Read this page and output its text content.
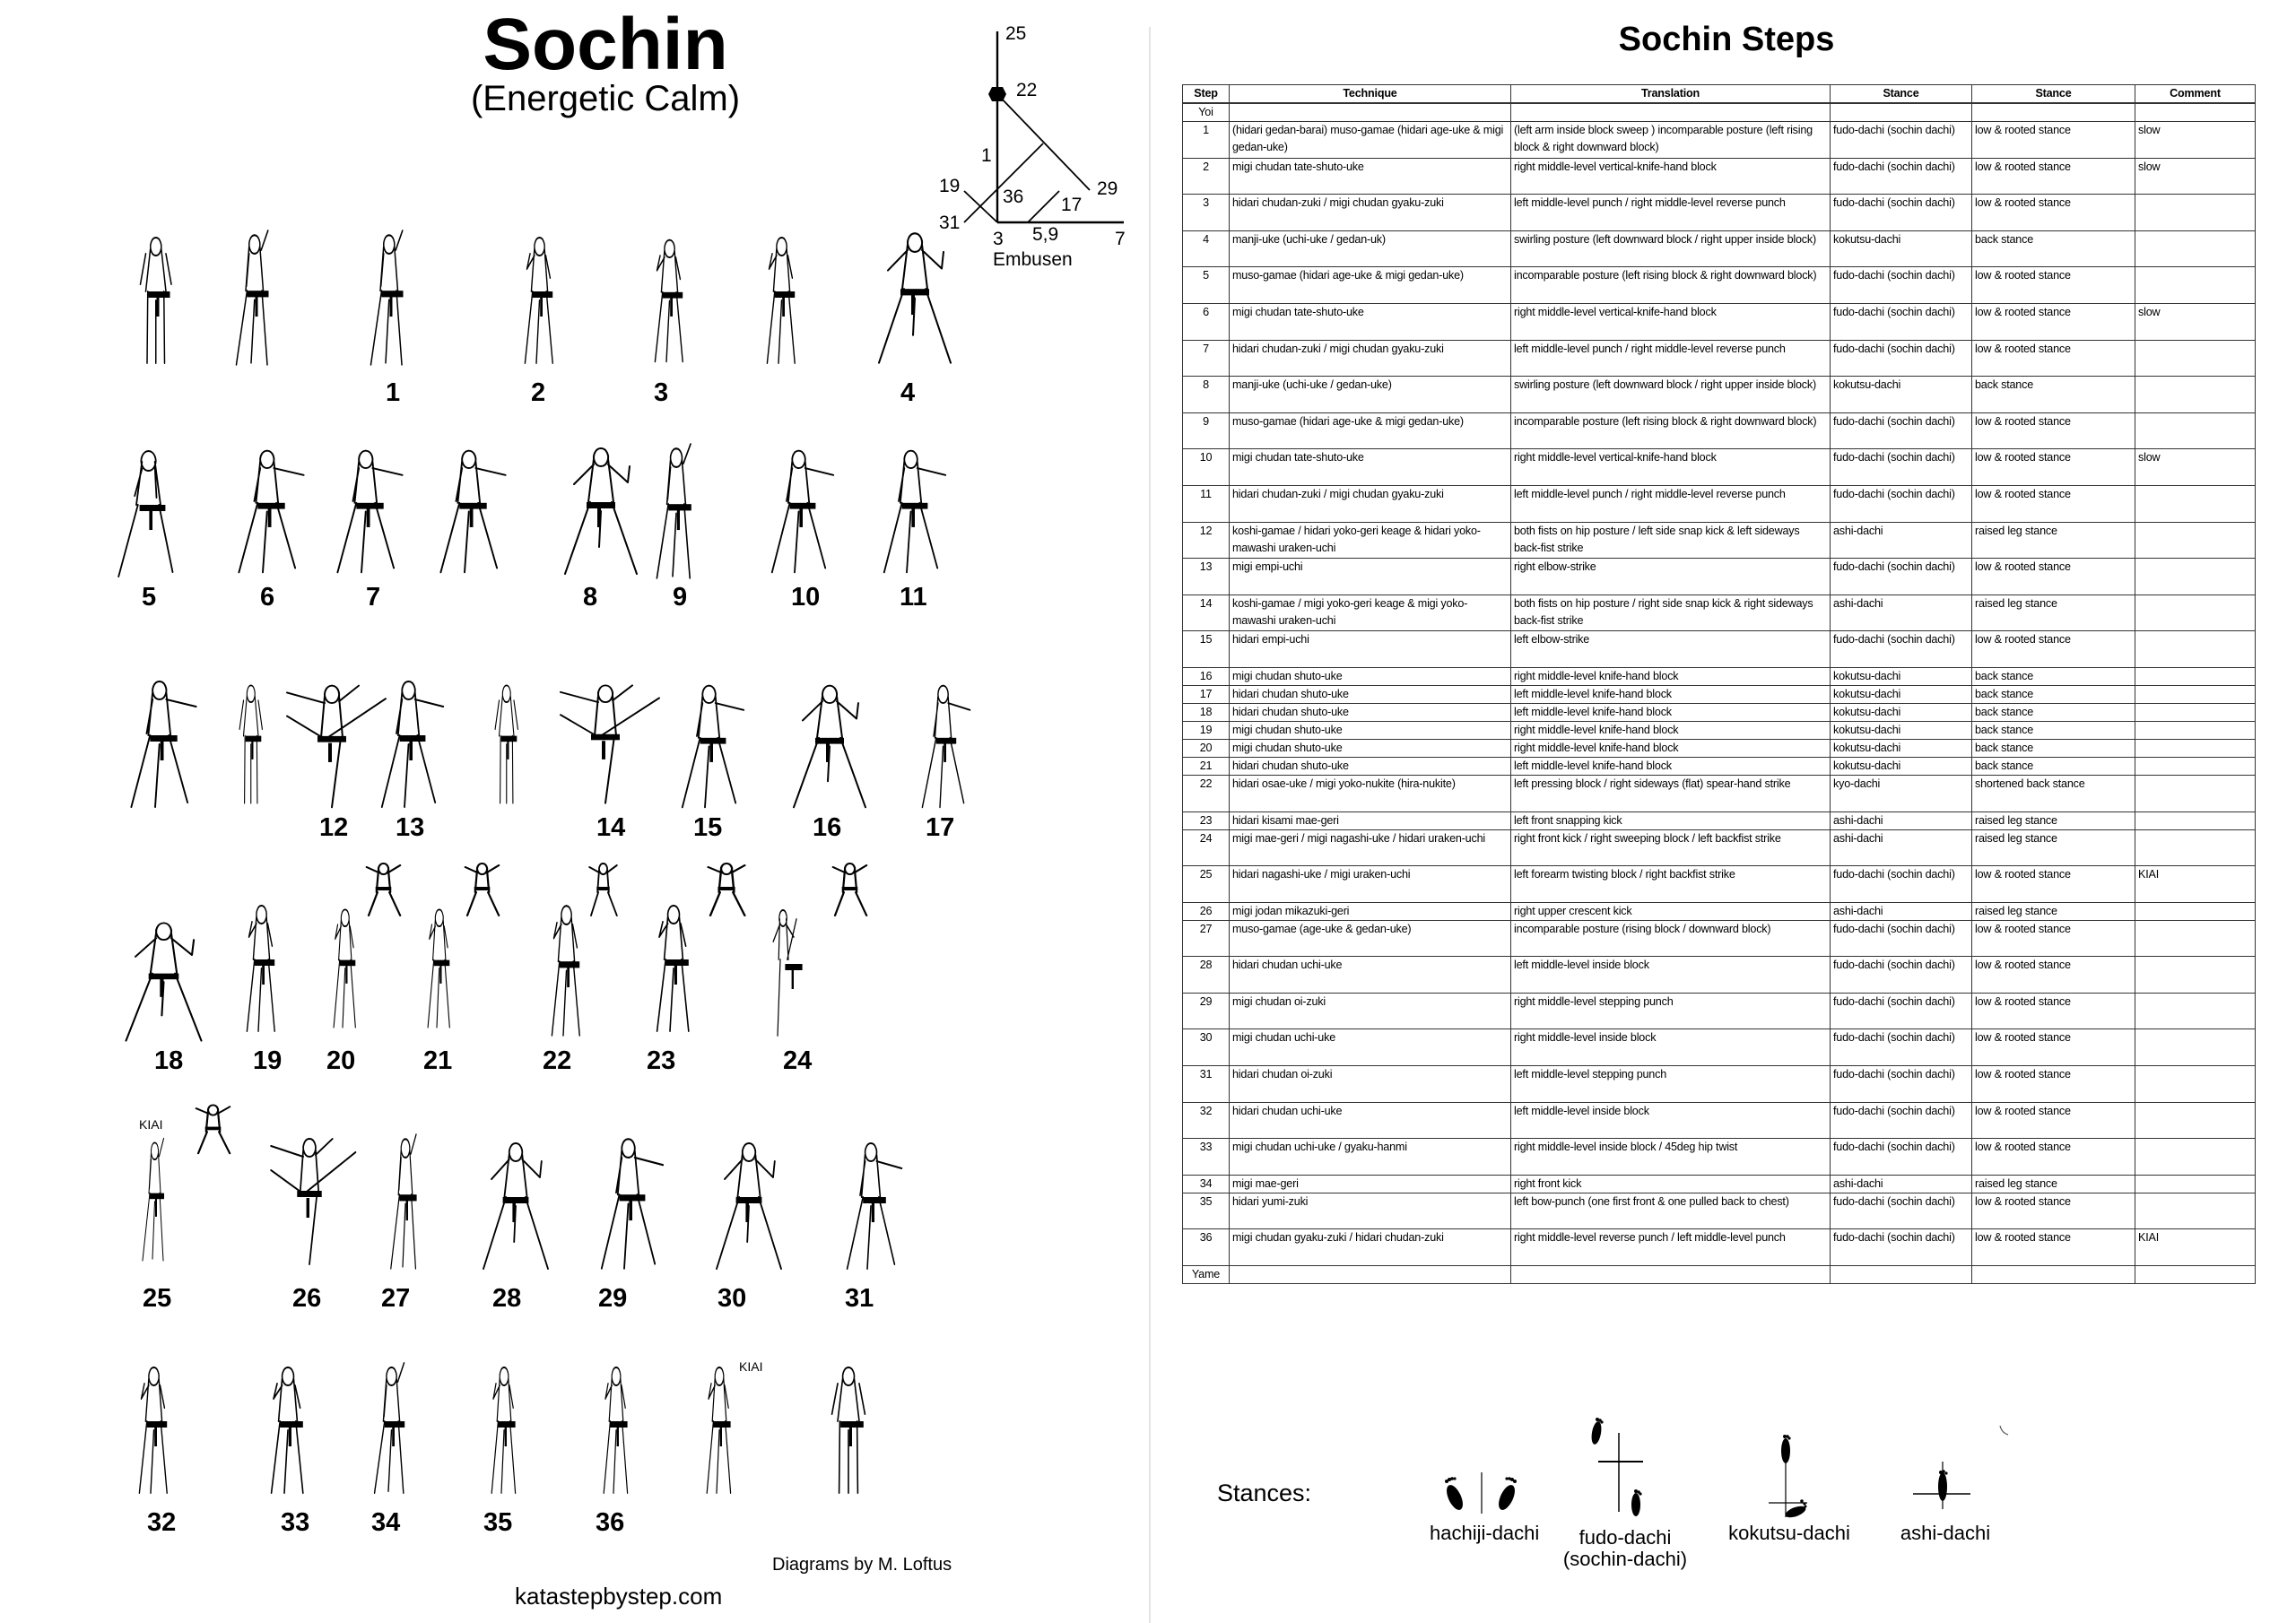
Sochin
(Energetic Calm)
25
22
1
19
36	29
17
31
3 5,9	7
Embusen
1	2	3	4
5	6	7	8	9	10	11
12 13	14	15	16	17
18	19 20	21	22	23	24
25	26 27	28	29	30	31
32	33 34	35	36
KIAI
KIAI
Diagrams by M. Loftus
katastepbystep.com
Sochin Steps
Step	Technique	Translation	Stance	Stance	Comment
Yoi					
1	(hidari gedan-barai) muso-gamae (hidari age-uke & migi gedan-uke)	(left arm inside block sweep ) incomparable posture (left rising block & right downward block)	fudo-dachi (sochin dachi)	low & rooted stance	slow
2	migi chudan tate-shuto-uke	right middle-level vertical-knife-hand block	fudo-dachi (sochin dachi)	low & rooted stance	slow
3	hidari chudan-zuki / migi chudan gyaku-zuki	left middle-level punch / right middle-level reverse punch	fudo-dachi (sochin dachi)	low & rooted stance	
4	manji-uke (uchi-uke / gedan-uk)	swirling posture (left downward block / right upper inside block)	kokutsu-dachi	back stance	
5	muso-gamae (hidari age-uke & migi gedan-uke)	incomparable posture (left rising block & right downward block)	fudo-dachi (sochin dachi)	low & rooted stance	
6	migi chudan tate-shuto-uke	right middle-level vertical-knife-hand block	fudo-dachi (sochin dachi)	low & rooted stance	slow
7	hidari chudan-zuki / migi chudan gyaku-zuki	left middle-level punch / right middle-level reverse punch	fudo-dachi (sochin dachi)	low & rooted stance	
8	manji-uke (uchi-uke / gedan-uke)	swirling posture (left downward block / right upper inside block)	kokutsu-dachi	back stance	
9	muso-gamae (hidari age-uke & migi gedan-uke)	incomparable posture (left rising block & right downward block)	fudo-dachi (sochin dachi)	low & rooted stance	
10	migi chudan tate-shuto-uke	right middle-level vertical-knife-hand block	fudo-dachi (sochin dachi)	low & rooted stance	slow
11	hidari chudan-zuki / migi chudan gyaku-zuki	left middle-level punch / right middle-level reverse punch	fudo-dachi (sochin dachi)	low & rooted stance	
12	koshi-gamae / hidari yoko-geri keage & hidari yoko-mawashi uraken-uchi	both fists on hip posture / left side snap kick & left sideways back-fist strike	ashi-dachi	raised leg stance	
13	migi empi-uchi	right elbow-strike	fudo-dachi (sochin dachi)	low & rooted stance	
14	koshi-gamae / migi yoko-geri keage & migi yoko-mawashi uraken-uchi	both fists on hip posture / right side snap kick & right sideways back-fist strike	ashi-dachi	raised leg stance	
15	hidari empi-uchi	left elbow-strike	fudo-dachi (sochin dachi)	low & rooted stance	
16	migi chudan shuto-uke	right middle-level knife-hand block	kokutsu-dachi	back stance	
17	hidari chudan shuto-uke	left middle-level knife-hand block	kokutsu-dachi	back stance	
18	hidari chudan shuto-uke	left middle-level knife-hand block	kokutsu-dachi	back stance	
19	migi chudan shuto-uke	right middle-level knife-hand block	kokutsu-dachi	back stance	
20	migi chudan shuto-uke	right middle-level knife-hand block	kokutsu-dachi	back stance	
21	hidari chudan shuto-uke	left middle-level knife-hand block	kokutsu-dachi	back stance	
22	hidari osae-uke / migi yoko-nukite (hira-nukite)	left pressing block / right sideways (flat) spear-hand strike	kyo-dachi	shortened back stance	
23	hidari kisami mae-geri	left front snapping kick	ashi-dachi	raised leg stance	
24	migi mae-geri / migi nagashi-uke / hidari uraken-uchi	right front kick / right sweeping block / left backfist strike	ashi-dachi	raised leg stance	
25	hidari nagashi-uke / migi uraken-uchi	left forearm twisting block / right backfist strike	fudo-dachi (sochin dachi)	low & rooted stance	KIAI
26	migi jodan mikazuki-geri	right upper crescent kick	ashi-dachi	raised leg stance	
27	muso-gamae (age-uke & gedan-uke)	incomparable posture (rising block / downward block)	fudo-dachi (sochin dachi)	low & rooted stance	
28	hidari chudan uchi-uke	left middle-level inside block	fudo-dachi (sochin dachi)	low & rooted stance	
29	migi chudan oi-zuki	right middle-level stepping punch	fudo-dachi (sochin dachi)	low & rooted stance	
30	migi chudan uchi-uke	right middle-level inside block	fudo-dachi (sochin dachi)	low & rooted stance	
31	hidari chudan oi-zuki	left middle-level stepping punch	fudo-dachi (sochin dachi)	low & rooted stance	
32	hidari chudan uchi-uke	left middle-level inside block	fudo-dachi (sochin dachi)	low & rooted stance	
33	migi chudan uchi-uke / gyaku-hanmi	right middle-level inside block / 45deg hip twist	fudo-dachi (sochin dachi)	low & rooted stance	
34	migi mae-geri	right front kick	ashi-dachi	raised leg stance	
35	hidari yumi-zuki	left bow-punch (one first front & one pulled back to chest)	fudo-dachi (sochin dachi)	low & rooted stance	
36	migi chudan gyaku-zuki / hidari chudan-zuki	right middle-level reverse punch / left middle-level punch	fudo-dachi (sochin dachi)	low & rooted stance	KIAI
Yame					
Stances:
hachiji-dachi	fudo-dachi
(sochin-dachi)
kokutsu-dachi	ashi-dachi
